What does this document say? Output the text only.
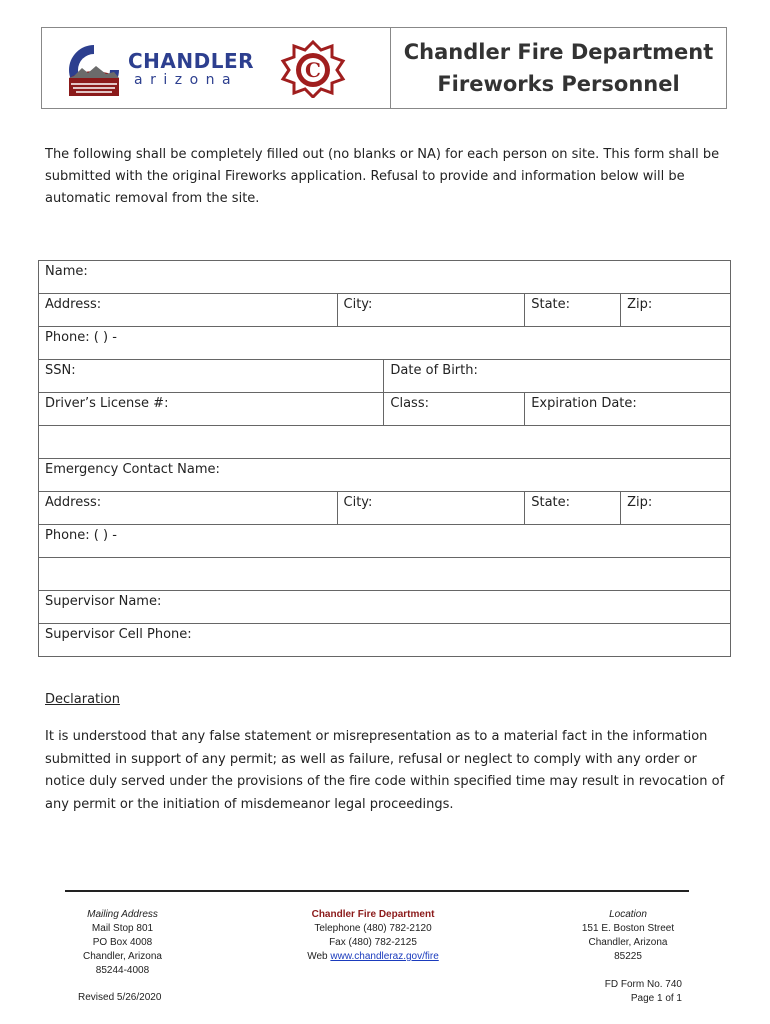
CHANDLER
arizona	C
Chandler Fire Department
Fireworks Personnel
The following shall be completely filled out (no blanks or NA) for each person on site. This form shall be submitted with the original Fireworks application. Refusal to provide and information below will be automatic removal from the site.
Name:				
Address:	City:		State:	Zip:
Phone: ( ) -				
SSN:		Date of Birth:		
Driver’s License #:		Class:	Expiration Date:	

Emergency Contact Name:				
Address:	City:		State:	Zip:
Phone: ( ) -				

Supervisor Name:				
Supervisor Cell Phone:				
Declaration
It is understood that any false statement or misrepresentation as to a material fact in the information submitted in support of any permit; as well as failure, refusal or neglect to comply with any order or notice duly served under the provisions of the fire code within specified time may result in revocation of any permit or the initiation of misdemeanor legal proceedings.
Mailing Address
Mail Stop 801
PO Box 4008
Chandler, Arizona
85244-4008
Chandler Fire Department
Telephone (480) 782-2120
Fax (480) 782-2125
Web www.chandleraz.gov/fire
Location
151 E. Boston Street
Chandler, Arizona
85225
Revised 5/26/2020
FD Form No. 740
Page 1 of 1
